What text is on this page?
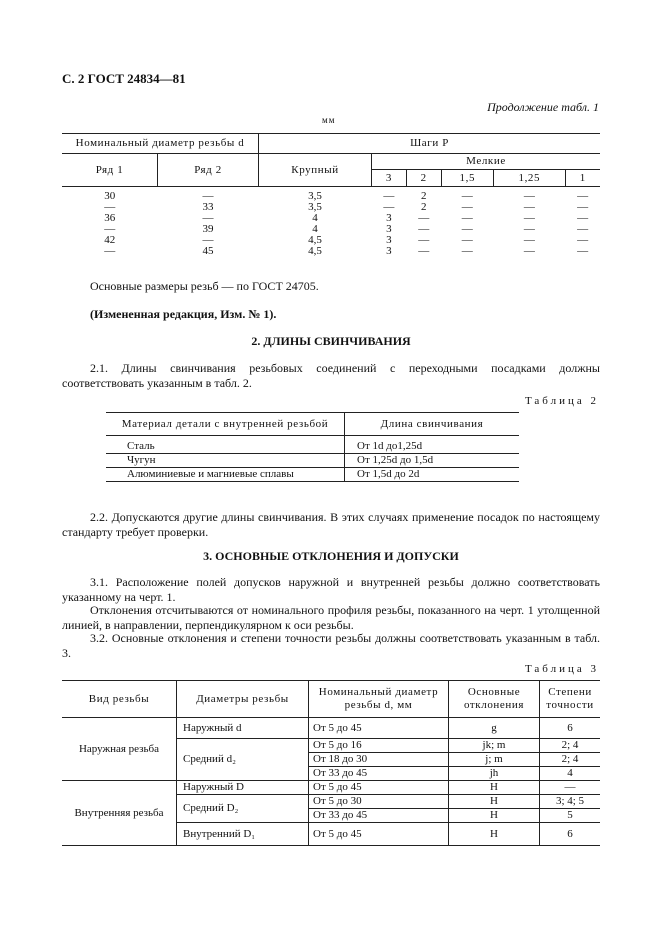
С. 2 ГОСТ 24834—81
Продолжение табл. 1
мм
Номинальный диаметр резьбы d		Шаги P					
Ряд 1	Ряд 2	Крупный	Мелкие				
			3	2	1,5	1,25	1

30	—	3,5	—	2	—	—	—
—	33	3,5	—	2	—	—	—
36	—	4	3	—	—	—	—
—	39	4	3	—	—	—	—
42	—	4,5	3	—	—	—	—
—	45	4,5	3	—	—	—	—
Основные размеры резьб — по ГОСТ 24705.
(Измененная редакция, Изм. № 1).
2. ДЛИНЫ СВИНЧИВАНИЯ
2.1. Длины свинчивания резьбовых соединений с переходными посадками должны соответствовать указанным в табл. 2.
Таблица 2
Материал детали с внутренней резьбой	Длина свинчивания

Сталь	От 1d до1,25d
Чугун	От 1,25d до 1,5d
Алюминиевые и магниевые сплавы	От 1,5d до 2d
2.2. Допускаются другие длины свинчивания. В этих случаях применение посадок по настоящему стандарту требует проверки.
3. ОСНОВНЫЕ ОТКЛОНЕНИЯ И ДОПУСКИ
3.1. Расположение полей допусков наружной и внутренней резьбы должно соответствовать указанному на черт. 1.
Отклонения отсчитываются от номинального профиля резьбы, показанного на черт. 1 утолщенной линией, в направлении, перпендикулярном к оси резьбы.
3.2. Основные отклонения и степени точности резьбы должны соответствовать указанным в табл. 3.
Таблица 3
Вид резьбы	Диаметры резьбы	Номинальный диаметр резьбы d, мм	Основные отклонения	Степени точности
Наружная резьба	Наружный d	От 5 до 45	g	6
	Средний d₂	От 5 до 16	jk; m	2; 4
		От 18 до 30	j; m	2; 4
		От 33 до 45	jh	4
Внутренняя резьба	Наружный D	От 5 до 45	H	—
	Средний D₂	От 5 до 30	H	3; 4; 5
		От 33 до 45	H	5
	Внутренний D₁	От 5 до 45	H	6
